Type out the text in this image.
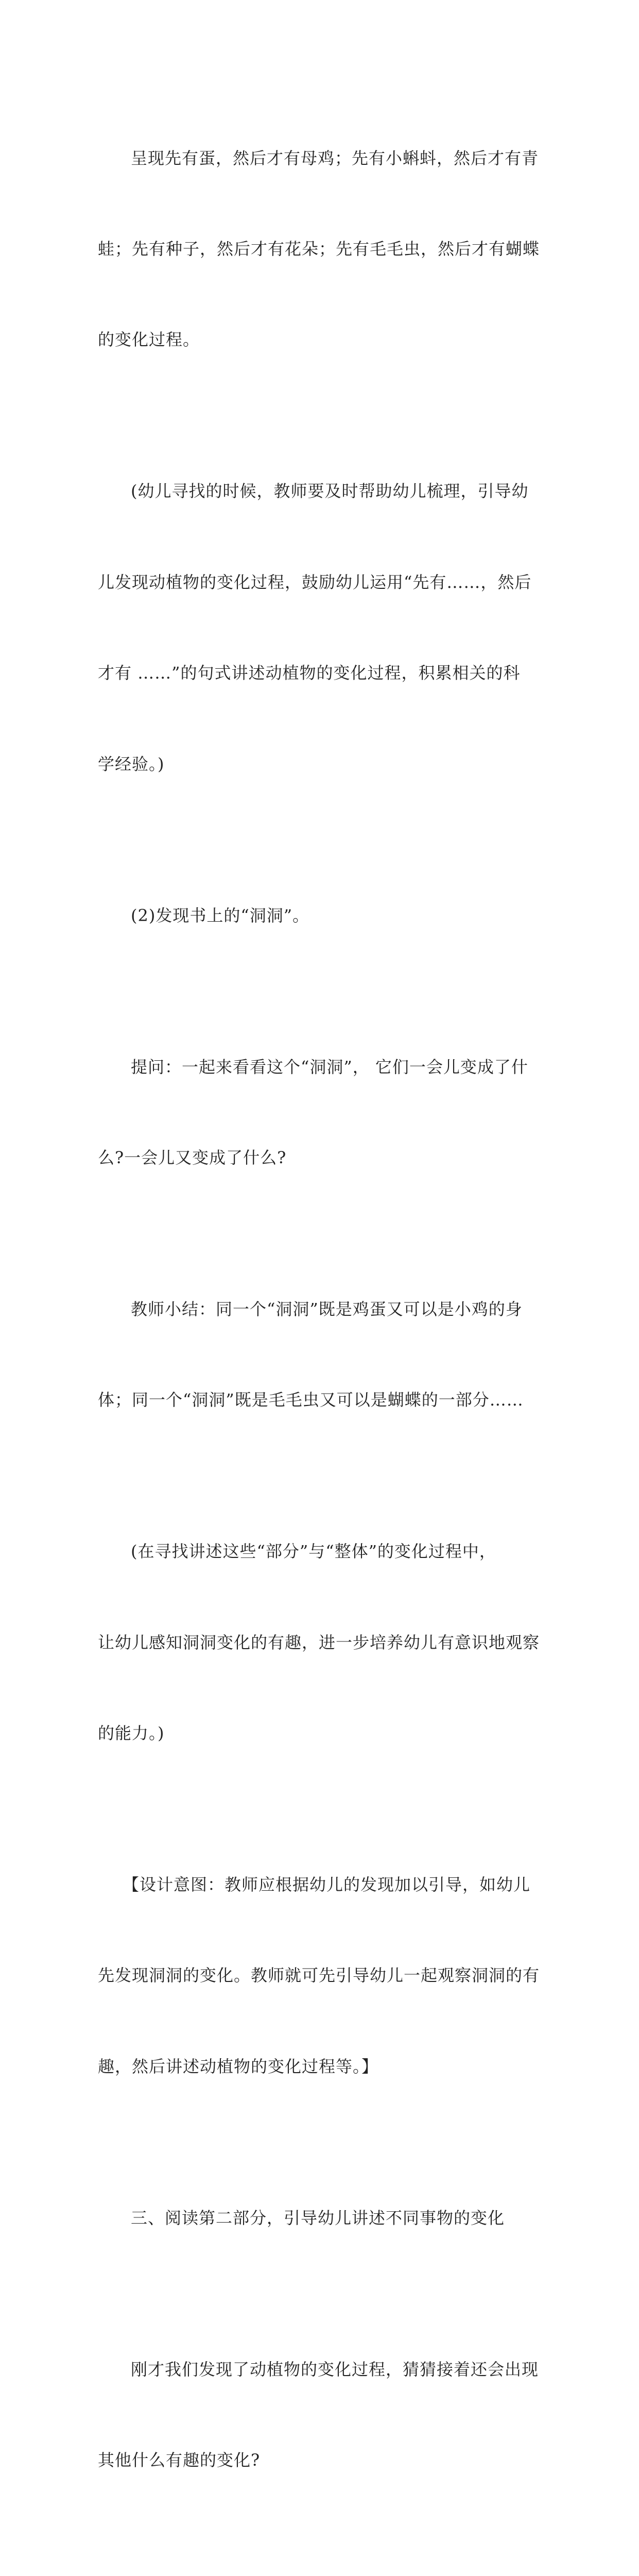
呈现先有蛋，然后才有母鸡；先有小蝌蚪，然后才有青

蛙；先有种子，然后才有花朵；先有毛毛虫，然后才有蝴蝶

的变化过程。

(幼儿寻找的时候，教师要及时帮助幼儿梳理，引导幼

儿发现动植物的变化过程，鼓励幼儿运用“先有……，然后

才有 ……”的句式讲述动植物的变化过程，积累相关的科

学经验。)

(2)发现书上的“洞洞”。

提问：一起来看看这个“洞洞”， 它们一会儿变成了什

么?一会儿又变成了什么?

教师小结：同一个“洞洞”既是鸡蛋又可以是小鸡的身

体；同一个“洞洞”既是毛毛虫又可以是蝴蝶的一部分……

(在寻找讲述这些“部分”与“整体”的变化过程中，

让幼儿感知洞洞变化的有趣，进一步培养幼儿有意识地观察

的能力。)

【设计意图：教师应根据幼儿的发现加以引导，如幼儿

先发现洞洞的变化。教师就可先引导幼儿一起观察洞洞的有

趣，然后讲述动植物的变化过程等。】

三、阅读第二部分，引导幼儿讲述不同事物的变化

刚才我们发现了动植物的变化过程，猜猜接着还会出现

其他什么有趣的变化?
